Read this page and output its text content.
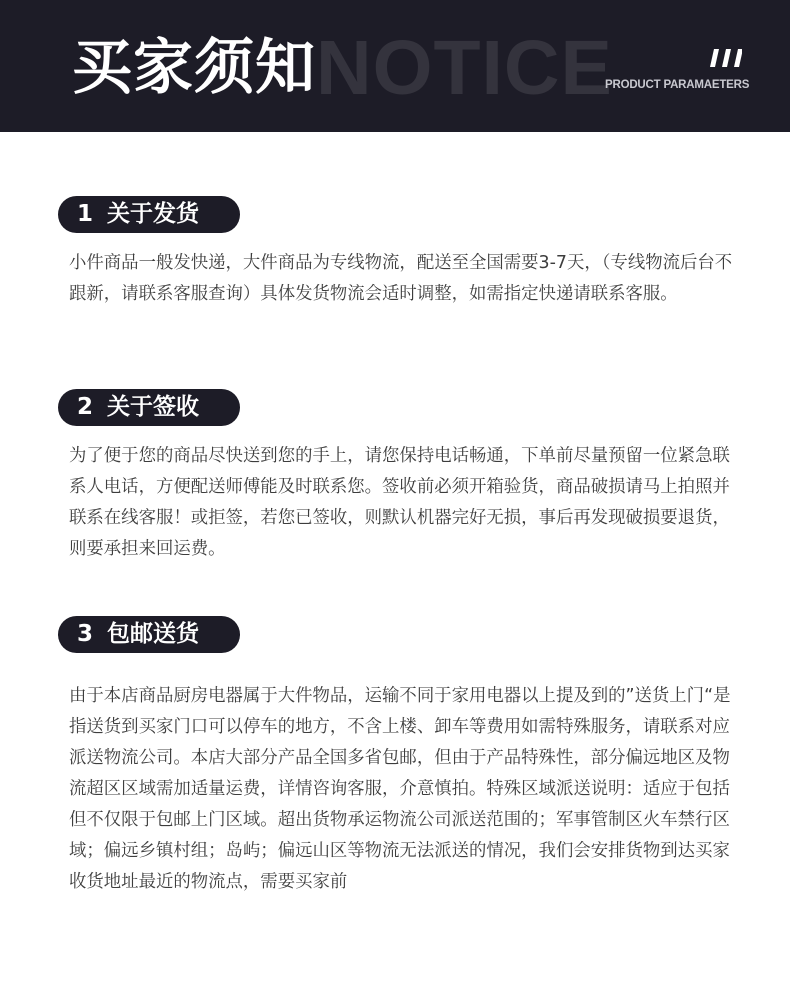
NOTICE
买家须知	PRODUCT PARAMAETERS
1 关于发货

小件商品一般发快递，大件商品为专线物流，配送至全国需要3-7天，（专线物流后台不跟新，请联系客服查询）具体发货物流会适时调整，如需指定快递请联系客服。

2 关于签收

为了便于您的商品尽快送到您的手上，请您保持电话畅通，下单前尽量预留一位紧急联系人电话，方便配送师傅能及时联系您。签收前必须开箱验货，商品破损请马上拍照并联系在线客服！或拒签，若您已签收，则默认机器完好无损，事后再发现破损要退货，则要承担来回运费。

3 包邮送货

由于本店商品厨房电器属于大件物品，运输不同于家用电器以上提及到的”送货上门“是指送货到买家门口可以停车的地方，不含上楼、卸车等费用如需特殊服务，请联系对应派送物流公司。本店大部分产品全国多省包邮，但由于产品特殊性，部分偏远地区及物流超区区域需加适量运费，详情咨询客服，介意慎拍。特殊区域派送说明：适应于包括但不仅限于包邮上门区域。超出货物承运物流公司派送范围的；军事管制区火车禁行区域；偏远乡镇村组；岛屿；偏远山区等物流无法派送的情况，我们会安排货物到达买家收货地址最近的物流点，需要买家前
